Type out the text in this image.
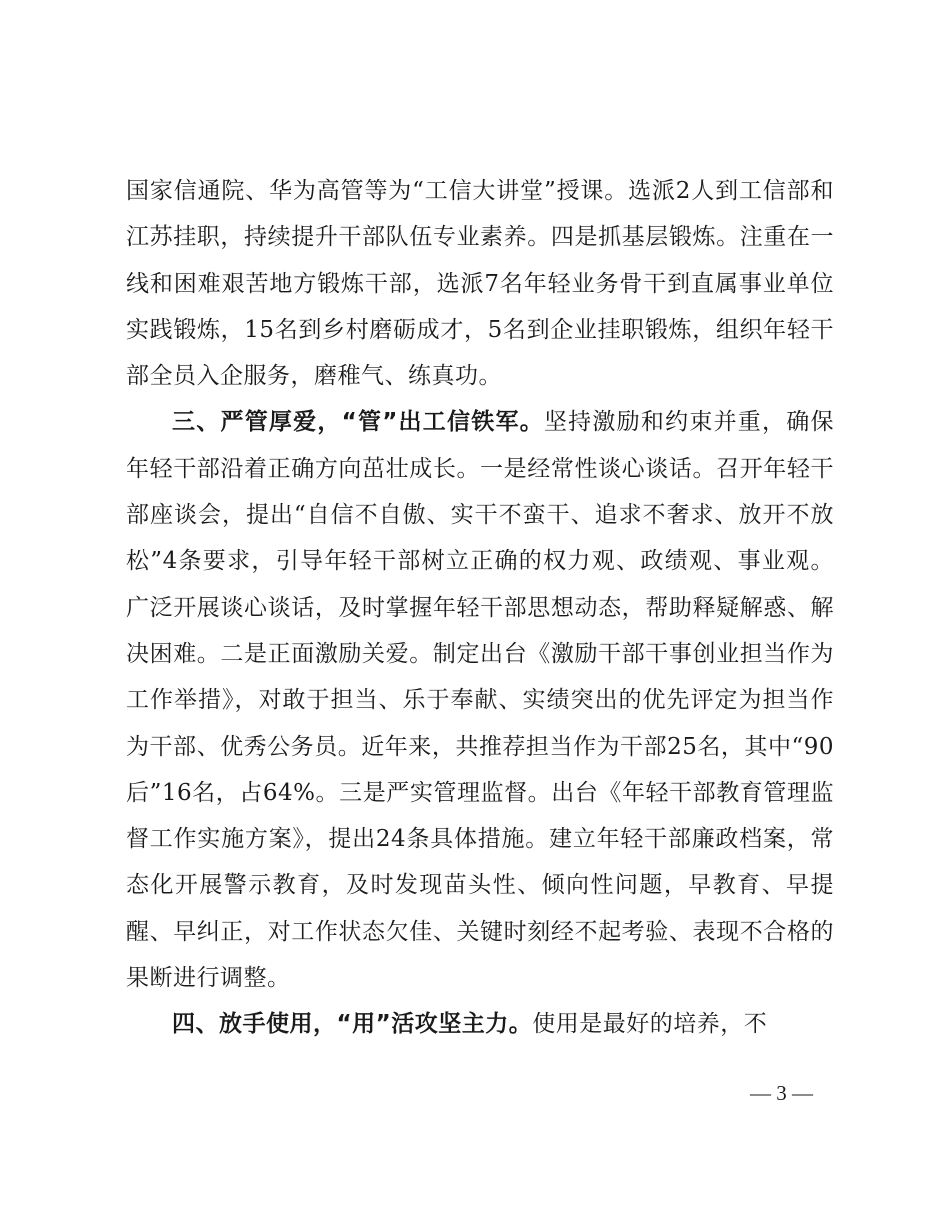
国家信通院、华为高管等为“工信大讲堂”授课。选派2人到工信部和江苏挂职，持续提升干部队伍专业素养。四是抓基层锻炼。注重在一线和困难艰苦地方锻炼干部，选派7名年轻业务骨干到直属事业单位实践锻炼，15名到乡村磨砺成才，5名到企业挂职锻炼，组织年轻干部全员入企服务，磨稚气、练真功。

三、严管厚爱，“管”出工信铁军。坚持激励和约束并重，确保年轻干部沿着正确方向茁壮成长。一是经常性谈心谈话。召开年轻干部座谈会，提出“自信不自傲、实干不蛮干、追求不奢求、放开不放松”4条要求，引导年轻干部树立正确的权力观、政绩观、事业观。广泛开展谈心谈话，及时掌握年轻干部思想动态，帮助释疑解惑、解决困难。二是正面激励关爱。制定出台《激励干部干事创业担当作为工作举措》，对敢于担当、乐于奉献、实绩突出的优先评定为担当作为干部、优秀公务员。近年来，共推荐担当作为干部25名，其中“90后”16名，占64%。三是严实管理监督。出台《年轻干部教育管理监督工作实施方案》，提出24条具体措施。建立年轻干部廉政档案，常态化开展警示教育，及时发现苗头性、倾向性问题，早教育、早提醒、早纠正，对工作状态欠佳、关键时刻经不起考验、表现不合格的果断进行调整。

四、放手使用，“用”活攻坚主力。使用是最好的培养，不

— 3 —
